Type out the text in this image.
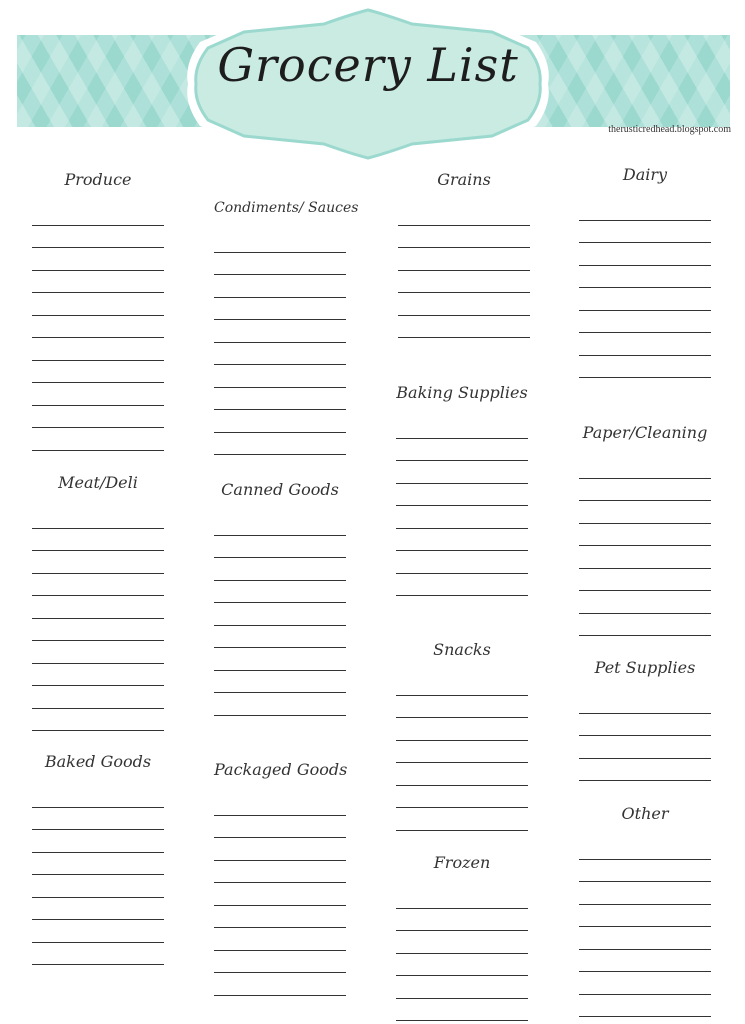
Grocery List
therusticredhead.blogspot.com
Produce
Meat/Deli
Baked Goods
Condiments/ Sauces
Canned Goods
Packaged Goods
Grains
Baking Supplies
Snacks
Frozen
Dairy
Paper/Cleaning
Pet Supplies
Other
